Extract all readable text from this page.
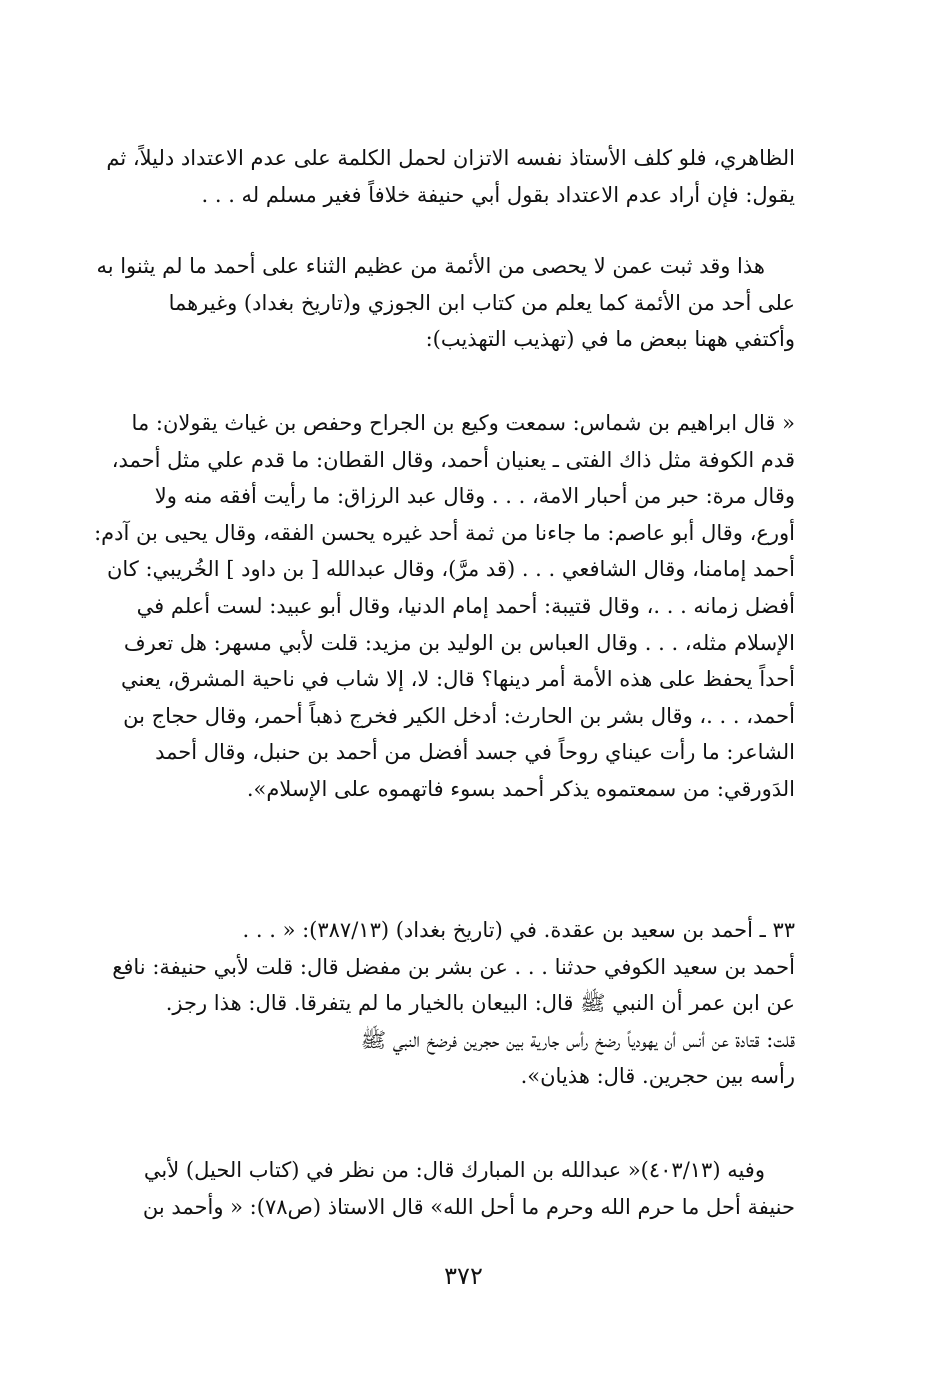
الظاهري، فلو كلف الأستاذ نفسه الاتزان لحمل الكلمة على عدم الاعتداد دليلاً، ثم
يقول: فإن أراد عدم الاعتداد بقول أبي حنيفة خلافاً فغير مسلم له . . .
هذا وقد ثبت عمن لا يحصى من الأئمة من عظيم الثناء على أحمد ما لم يثنوا به
على أحد من الأئمة كما يعلم من كتاب ابن الجوزي و(تاريخ بغداد) وغيرهما
وأكتفي ههنا ببعض ما في (تهذيب التهذيب):
« قال ابراهيم بن شماس: سمعت وكيع بن الجراح وحفص بن غياث يقولان: ما
قدم الكوفة مثل ذاك الفتى ـ يعنيان أحمد، وقال القطان: ما قدم علي مثل أحمد،
وقال مرة: حبر من أحبار الامة، . . . وقال عبد الرزاق: ما رأيت أفقه منه ولا
أورع، وقال أبو عاصم: ما جاءنا من ثمة أحد غيره يحسن الفقه، وقال يحيى بن آدم:
أحمد إمامنا، وقال الشافعي . . . (قد مرَّ)، وقال عبدالله [ بن داود ] الخُريبي: كان
أفضل زمانه . . .، وقال قتيبة: أحمد إمام الدنيا، وقال أبو عبيد: لست أعلم في
الإسلام مثله، . . . وقال العباس بن الوليد بن مزيد: قلت لأبي مسهر: هل تعرف
أحداً يحفظ على هذه الأمة أمر دينها؟ قال: لا، إلا شاب في ناحية المشرق، يعني
أحمد، . . .، وقال بشر بن الحارث: أدخل الكير فخرج ذهباً أحمر، وقال حجاج بن
الشاعر: ما رأت عيناي روحاً في جسد أفضل من أحمد بن حنبل، وقال أحمد
الدَورقي: من سمعتموه يذكر أحمد بسوء فاتهموه على الإسلام».
٣٣ ـ أحمد بن سعيد بن عقدة. في (تاريخ بغداد) (٣٨٧/١٣): « . . .
أحمد بن سعيد الكوفي حدثنا . . . عن بشر بن مفضل قال: قلت لأبي حنيفة: نافع
عن ابن عمر أن النبي ﷺ قال: البيعان بالخيار ما لم يتفرقا. قال: هذا رجز.
قلت: قتادة عن أنس أن يهودياً رضخ رأس جارية بين حجرين فرضخ النبي ﷺ
رأسه بين حجرين. قال: هذيان».
وفيه (٤٠٣/١٣)« عبدالله بن المبارك قال: من نظر في (كتاب الحيل) لأبي
حنيفة أحل ما حرم الله وحرم ما أحل الله» قال الاستاذ (ص٧٨): « وأحمد بن
٣٧٢
